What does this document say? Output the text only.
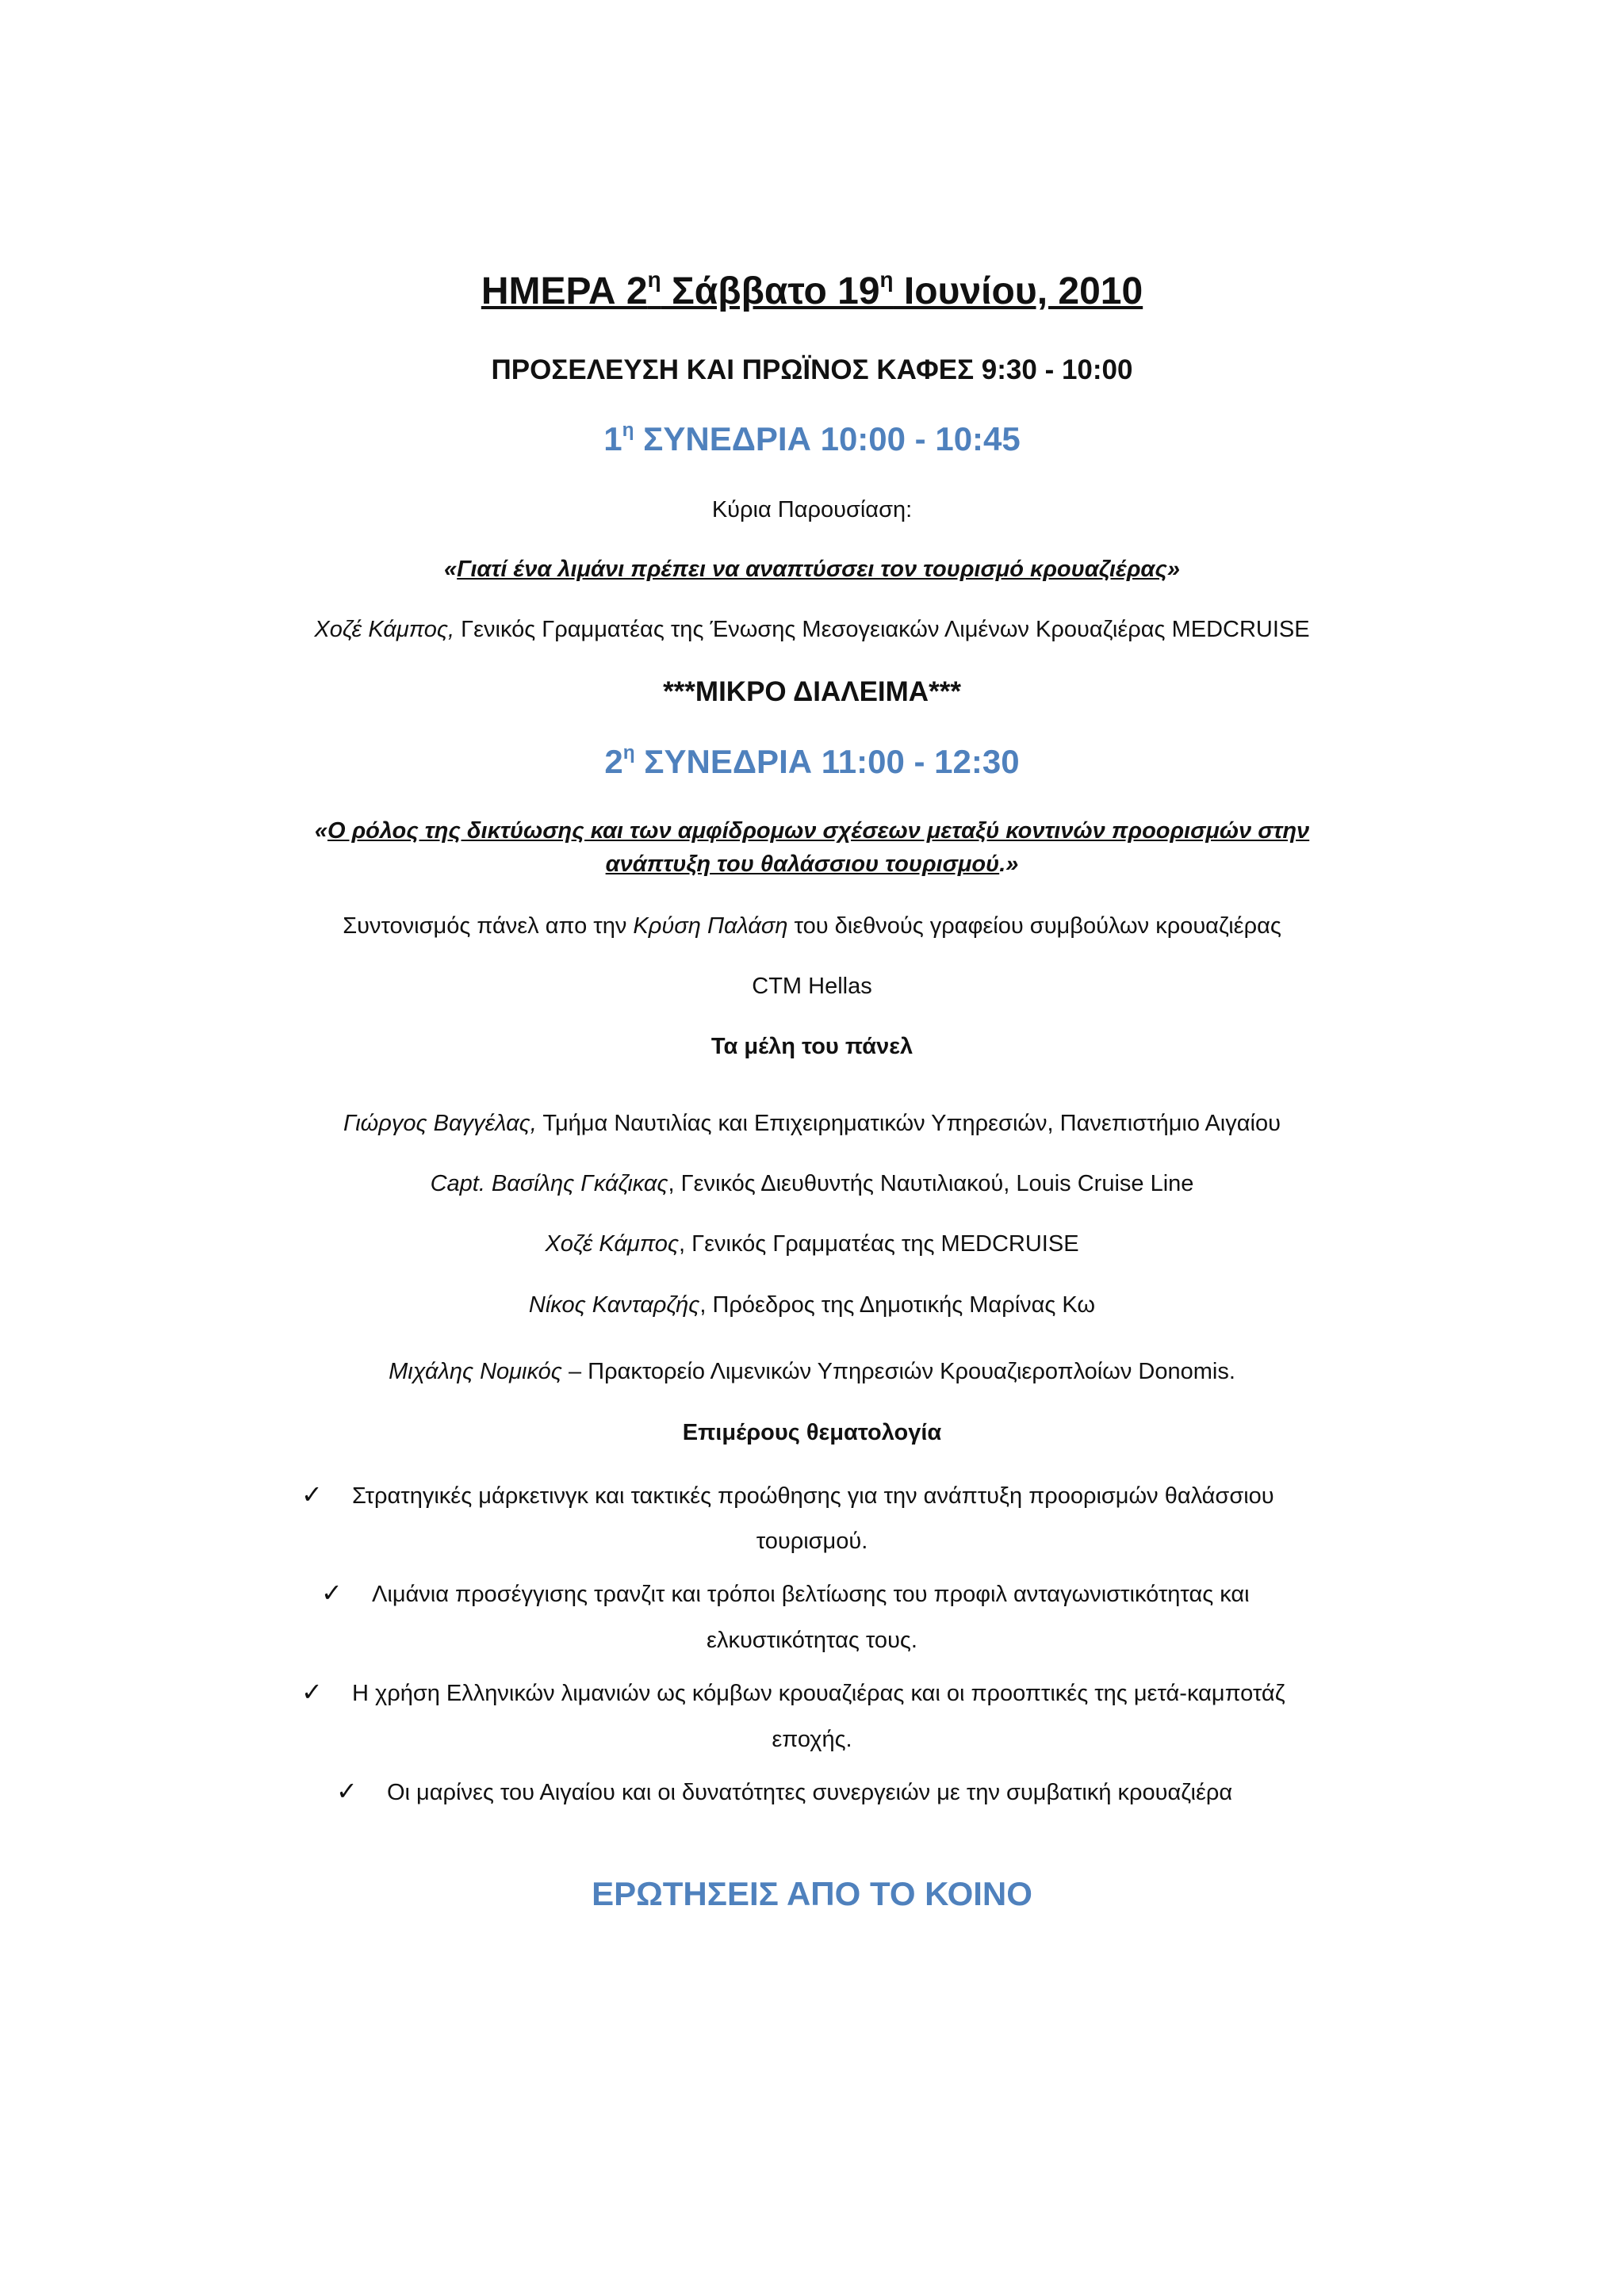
ΗΜΕΡΑ $2^\eta$ Σάββατο $19^\eta$ Ιουνίου, 2010
ΠΡΟΣΕΛΕΥΣΗ ΚΑΙ ΠΡΩΪΝΟΣ ΚΑΦΕΣ 9:30 - 10:00
$1^\eta$ ΣΥΝΕΔΡΙΑ 10:00 - 10:45
Κύρια Παρουσίαση:
«Γιατί ένα λιμάνι πρέπει να αναπτύσσει τον τουρισμό κρουαζιέρας»
Χοζέ Κάμπος, Γενικός Γραμματέας της Ένωσης Μεσογειακών Λιμένων Κρουαζιέρας MEDCRUISE
***ΜΙΚΡΟ ΔΙΑΛΕΙΜΑ***
$2^\eta$ ΣΥΝΕΔΡΙΑ 11:00 - 12:30
«Ο ρόλος της δικτύωσης και των αμφίδρομων σχέσεων μεταξύ κοντινών προορισμών στην
ανάπτυξη του θαλάσσιου τουρισμού.»
Συντονισμός πάνελ απο την Κρύση Παλάση του διεθνούς γραφείου συμβούλων κρουαζιέρας
CTM Hellas
Τα μέλη του πάνελ
Γιώργος Βαγγέλας, Τμήμα Ναυτιλίας και Επιχειρηματικών Υπηρεσιών, Πανεπιστήμιο Αιγαίου
Capt. Βασίλης Γκάζικας, Γενικός Διευθυντής Ναυτιλιακού, Louis Cruise Line
Χοζέ Κάμπος, Γενικός Γραμματέας της MEDCRUISE
Νίκος Κανταρζής, Πρόεδρος της Δημοτικής Μαρίνας Κω
Μιχάλης Νομικός – Πρακτορείο Λιμενικών Υπηρεσιών Κρουαζιεροπλοίων Donomis.
Επιμέρους θεματολογία
✓ Στρατηγικές μάρκετινγκ και τακτικές προώθησης για την ανάπτυξη προορισμών θαλάσσιου
τουρισμού.
✓ Λιμάνια προσέγγισης τρανζιτ και τρόποι βελτίωσης του προφιλ ανταγωνιστικότητας και
ελκυστικότητας τους.
✓ Η χρήση Ελληνικών λιμανιών ως κόμβων κρουαζιέρας και οι προοπτικές της μετά-καμποτάζ
εποχής.
✓ Οι μαρίνες του Αιγαίου και οι δυνατότητες συνεργειών με την συμβατική κρουαζιέρα
ΕΡΩΤΗΣΕΙΣ ΑΠΟ ΤΟ ΚΟΙΝΟ
